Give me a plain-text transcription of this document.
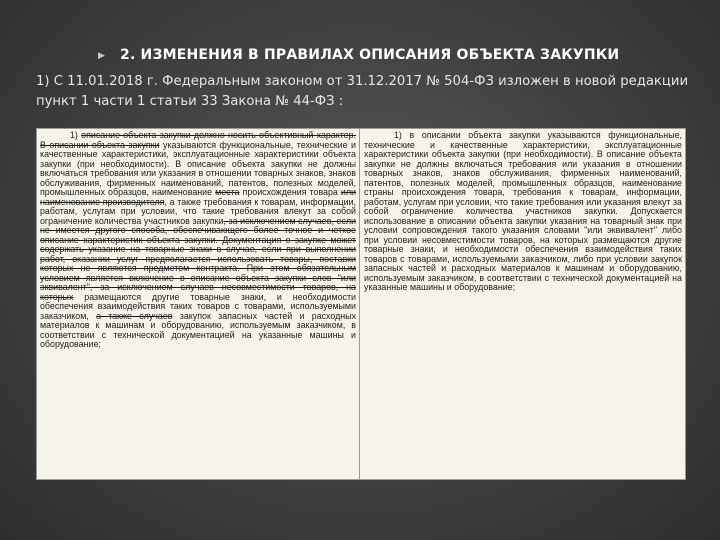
▶ 2. ИЗМЕНЕНИЯ В ПРАВИЛАХ ОПИСАНИЯ ОБЪЕКТА ЗАКУПКИ
1) С 11.01.2018 г. Федеральным законом от 31.12.2017 № 504-ФЗ изложен в новой редакции пункт 1 части 1 статьи 33 Закона № 44-ФЗ :
1) описание объекта закупки должно носить объективный характер. В описании объекта закупки указываются функциональные, технические и качественные характеристики, эксплуатационные характеристики объекта закупки (при необходимости). В описание объекта закупки не должны включаться требования или указания в отношении товарных знаков, знаков обслуживания, фирменных наименований, патентов, полезных моделей, промышленных образцов, наименование места происхождения товара или наименование производителя, а также требования к товарам, информации, работам, услугам при условии, что такие требования влекут за собой ограничение количества участников закупки, за исключением случаев, если не имеется другого способа, обеспечивающего более точное и четкое описание характеристик объекта закупки. Документация о закупке может содержать указание на товарные знаки в случае, если при выполнении работ, оказании услуг предполагается использовать товары, поставки которых не являются предметом контракта. При этом обязательным условием является включение в описание объекта закупки слов "или эквивалент", за исключением случаев несовместимости товаров, на которых размещаются другие товарные знаки, и необходимости обеспечения взаимодействия таких товаров с товарами, используемыми заказчиком, а также случаев закупок запасных частей и расходных материалов к машинам и оборудованию, используемым заказчиком, в соответствии с технической документацией на указанные машины и оборудование;
1) в описании объекта закупки указываются функциональные, технические и качественные характеристики, эксплуатационные характеристики объекта закупки (при необходимости). В описание объекта закупки не должны включаться требования или указания в отношении товарных знаков, знаков обслуживания, фирменных наименований, патентов, полезных моделей, промышленных образцов, наименование страны происхождения товара, требования к товарам, информации, работам, услугам при условии, что такие требования или указания влекут за собой ограничение количества участников закупки. Допускается использование в описании объекта закупки указания на товарный знак при условии сопровождения такого указания словами "или эквивалент" либо при условии несовместимости товаров, на которых размещаются другие товарные знаки, и необходимости обеспечения взаимодействия таких товаров с товарами, используемыми заказчиком, либо при условии закупок запасных частей и расходных материалов к машинам и оборудованию, используемым заказчиком, в соответствии с технической документацией на указанные машины и оборудование;
